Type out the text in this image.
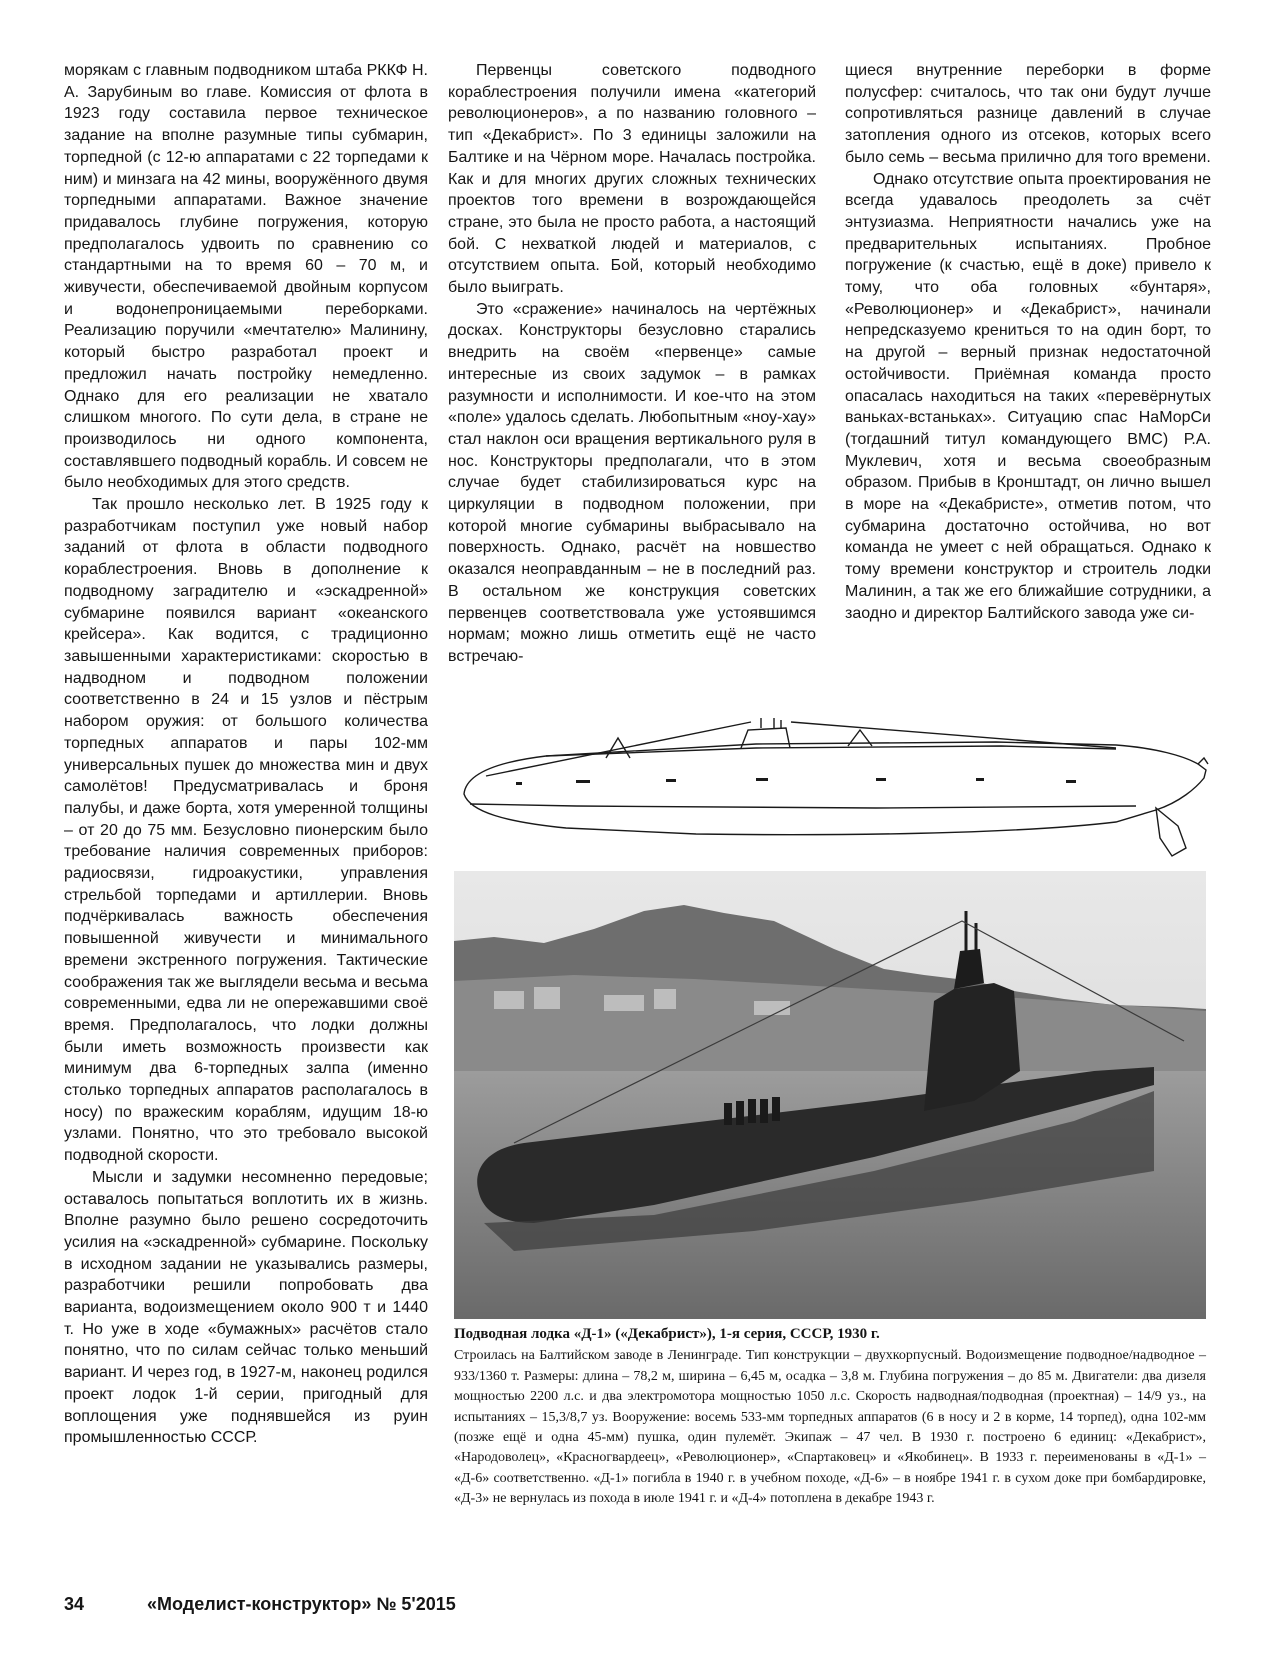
морякам с главным подводником штаба РККФ Н. А. Зарубиным во главе. Комиссия от флота в 1923 году составила первое техническое задание на вполне разумные типы субмарин, торпедной (с 12-ю аппаратами с 22 торпедами к ним) и минзага на 42 мины, вооружённого двумя торпедными аппаратами. Важное значение придавалось глубине погружения, которую предполагалось удвоить по сравнению со стандартными на то время 60 – 70 м, и живучести, обеспечиваемой двойным корпусом и водонепроницаемыми переборками. Реализацию поручили «мечтателю» Малинину, который быстро разработал проект и предложил начать постройку немедленно. Однако для его реализации не хватало слишком многого. По сути дела, в стране не производилось ни одного компонента, составлявшего подводный корабль. И совсем не было необходимых для этого средств.

Так прошло несколько лет. В 1925 году к разработчикам поступил уже новый набор заданий от флота в области подводного кораблестроения. Вновь в дополнение к подводному заградителю и «эскадренной» субмарине появился вариант «океанского крейсера». Как водится, с традиционно завышенными характеристиками: скоростью в надводном и подводном положении соответственно в 24 и 15 узлов и пёстрым набором оружия: от большого количества торпедных аппаратов и пары 102-мм универсальных пушек до множества мин и двух самолётов! Предусматривалась и броня палубы, и даже борта, хотя умеренной толщины – от 20 до 75 мм. Безусловно пионерским было требование наличия современных приборов: радиосвязи, гидроакустики, управления стрельбой торпедами и артиллерии. Вновь подчёркивалась важность обеспечения повышенной живучести и минимального времени экстренного погружения. Тактические соображения так же выглядели весьма и весьма современными, едва ли не опережавшими своё время. Предполагалось, что лодки должны были иметь возможность произвести как минимум два 6-торпедных залпа (именно столько торпедных аппаратов располагалось в носу) по вражеским кораблям, идущим 18-ю узлами. Понятно, что это требовало высокой подводной скорости.

Мысли и задумки несомненно передовые; оставалось попытаться воплотить их в жизнь. Вполне разумно было решено сосредоточить усилия на «эскадренной» субмарине. Поскольку в исходном задании не указывались размеры, разработчики решили попробовать два варианта, водоизмещением около 900 т и 1440 т. Но уже в ходе «бумажных» расчётов стало понятно, что по силам сейчас только меньший вариант. И через год, в 1927-м, наконец родился проект лодок 1-й серии, пригодный для воплощения уже поднявшейся из руин промышленностью СССР.

Первенцы советского подводного кораблестроения получили имена «категорий революционеров», а по названию головного – тип «Декабрист». По 3 единицы заложили на Балтике и на Чёрном море. Началась постройка. Как и для многих других сложных технических проектов того времени в возрождающейся стране, это была не просто работа, а настоящий бой. С нехваткой людей и материалов, с отсутствием опыта. Бой, который необходимо было выиграть.

Это «сражение» начиналось на чертёжных досках. Конструкторы безусловно старались внедрить на своём «первенце» самые интересные из своих задумок – в рамках разумности и исполнимости. И кое-что на этом «поле» удалось сделать. Любопытным «ноу-хау» стал наклон оси вращения вертикального руля в нос. Конструкторы предполагали, что в этом случае будет стабилизироваться курс на циркуляции в подводном положении, при которой многие субмарины выбрасывало на поверхность. Однако, расчёт на новшество оказался неоправданным – не в последний раз. В остальном же конструкция советских первенцев соответствовала уже устоявшимся нормам; можно лишь отметить ещё не часто встречаю-

щиеся внутренние переборки в форме полусфер: считалось, что так они будут лучше сопротивляться разнице давлений в случае затопления одного из отсеков, которых всего было семь – весьма прилично для того времени.

Однако отсутствие опыта проектирования не всегда удавалось преодолеть за счёт энтузиазма. Неприятности начались уже на предварительных испытаниях. Пробное погружение (к счастью, ещё в доке) привело к тому, что оба головных «бунтаря», «Революционер» и «Декабрист», начинали непредсказуемо крениться то на один борт, то на другой – верный признак недостаточной остойчивости. Приёмная команда просто опасалась находиться на таких «перевёрнутых ваньках-встаньках». Ситуацию спас НаМорСи (тогдашний титул командующего ВМС) Р.А. Муклевич, хотя и весьма своеобразным образом. Прибыв в Кронштадт, он лично вышел в море на «Декабристе», отметив потом, что субмарина достаточно остойчива, но вот команда не умеет с ней обращаться. Однако к тому времени конструктор и строитель лодки Малинин, а так же его ближайшие сотрудники, а заодно и директор Балтийского завода уже си-

Подводная лодка «Д-1» («Декабрист»), 1-я серия, СССР, 1930 г.

Строилась на Балтийском заводе в Ленинграде. Тип конструкции – двухкорпусный. Водоизмещение подводное/надводное – 933/1360 т. Размеры: длина – 78,2 м, ширина – 6,45 м, осадка – 3,8 м. Глубина погружения – до 85 м. Двигатели: два дизеля мощностью 2200 л.с. и два электромотора мощностью 1050 л.с. Скорость надводная/подводная (проектная) – 14/9 уз., на испытаниях – 15,3/8,7 уз. Вооружение: восемь 533-мм торпедных аппаратов (6 в носу и 2 в корме, 14 торпед), одна 102-мм (позже ещё и одна 45-мм) пушка, один пулемёт. Экипаж – 47 чел. В 1930 г. построено 6 единиц: «Декабрист», «Народоволец», «Красногвардеец», «Революционер», «Спартаковец» и «Якобинец». В 1933 г. переименованы в «Д-1» – «Д-6» соответственно. «Д-1» погибла в 1940 г. в учебном походе, «Д-6» – в ноябре 1941 г. в сухом доке при бомбардировке, «Д-3» не вернулась из похода в июле 1941 г. и «Д-4» потоплена в декабре 1943 г.

34	«Моделист-конструктор» № 5'2015
